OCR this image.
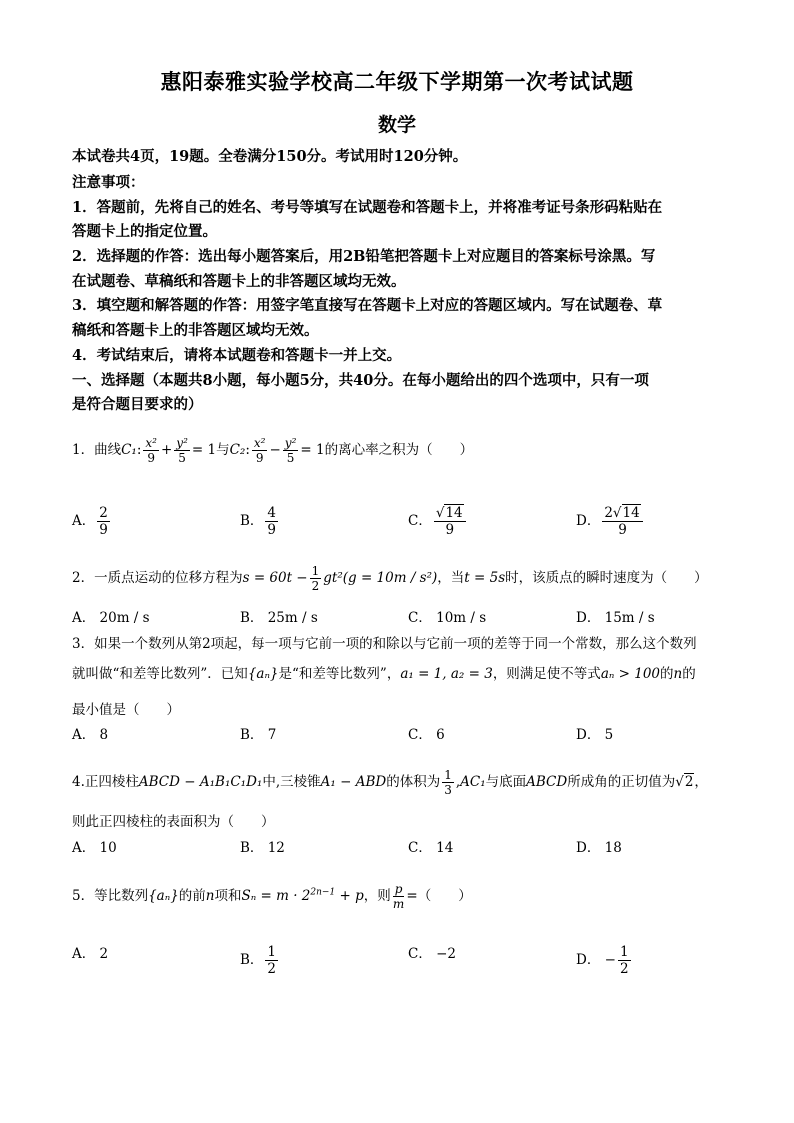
惠阳泰雅实验学校高二年级下学期第一次考试试题
数学
本试卷共4页，19题。全卷满分150分。考试用时120分钟。
注意事项：
1．答题前，先将自己的姓名、考号等填写在试题卷和答题卡上，并将准考证号条形码粘贴在
答题卡上的指定位置。
2．选择题的作答：选出每小题答案后，用2B铅笔把答题卡上对应题目的答案标号涂黑。写
在试题卷、草稿纸和答题卡上的非答题区域均无效。
3．填空题和解答题的作答：用签字笔直接写在答题卡上对应的答题区域内。写在试题卷、草
稿纸和答题卡上的非答题区域均无效。
4．考试结束后，请将本试题卷和答题卡一并上交。
一、选择题（本题共8小题，每小题5分，共40分。在每小题给出的四个选项中，只有一项
是符合题目要求的）
1．曲线C₁: $\frac{\text{x²}}{9} + \frac{\text{y²}}{5} = 1$与C₂: $\frac{\text{x²}}{9} - \frac{\text{y²}}{5} = 1$的离心率之积为（　　）
A． $\frac{2}{9}$	B． $\frac{4}{9}$	C． $\frac{√14}{9}$	D． $\frac{2√14}{9}$
2．一质点运动的位移方程为$s = 60t - \frac{1}{2} gt^2(g = 10m / s^2)$，当t = 5s时，该质点的瞬时速度为（　　）
A． 20m / s	B． 25m / s	C． 10m / s	D． 15m / s
3．如果一个数列从第2项起，每一项与它前一项的和除以与它前一项的差等于同一个常数，那么这个数列
就叫做“和差等比数列”．已知{aₙ}是“和差等比数列”，a₁ = 1, a₂ = 3，则满足使不等式aₙ > 100的n的
最小值是（　　）
A． 8	B． 7	C． 6	D． 5
4.正四棱柱ABCD − A₁B₁C₁D₁中,三棱锥A₁ − ABD的体积为 $\frac{1}{3} ,AC_1$与底面ABCD所成角的正切值为√2，
则此正四棱柱的表面积为（　　）
A． 10	B． 12	C． 14	D． 18
5．等比数列{aₙ}的前n项和$S_n = m \cdot 2^{2n-1} + p$，则 $\frac{p}{m}$ =（　　）
A． 2	B． $\frac{1}{2}$	C． −2	D． − $\frac{1}{2}$
